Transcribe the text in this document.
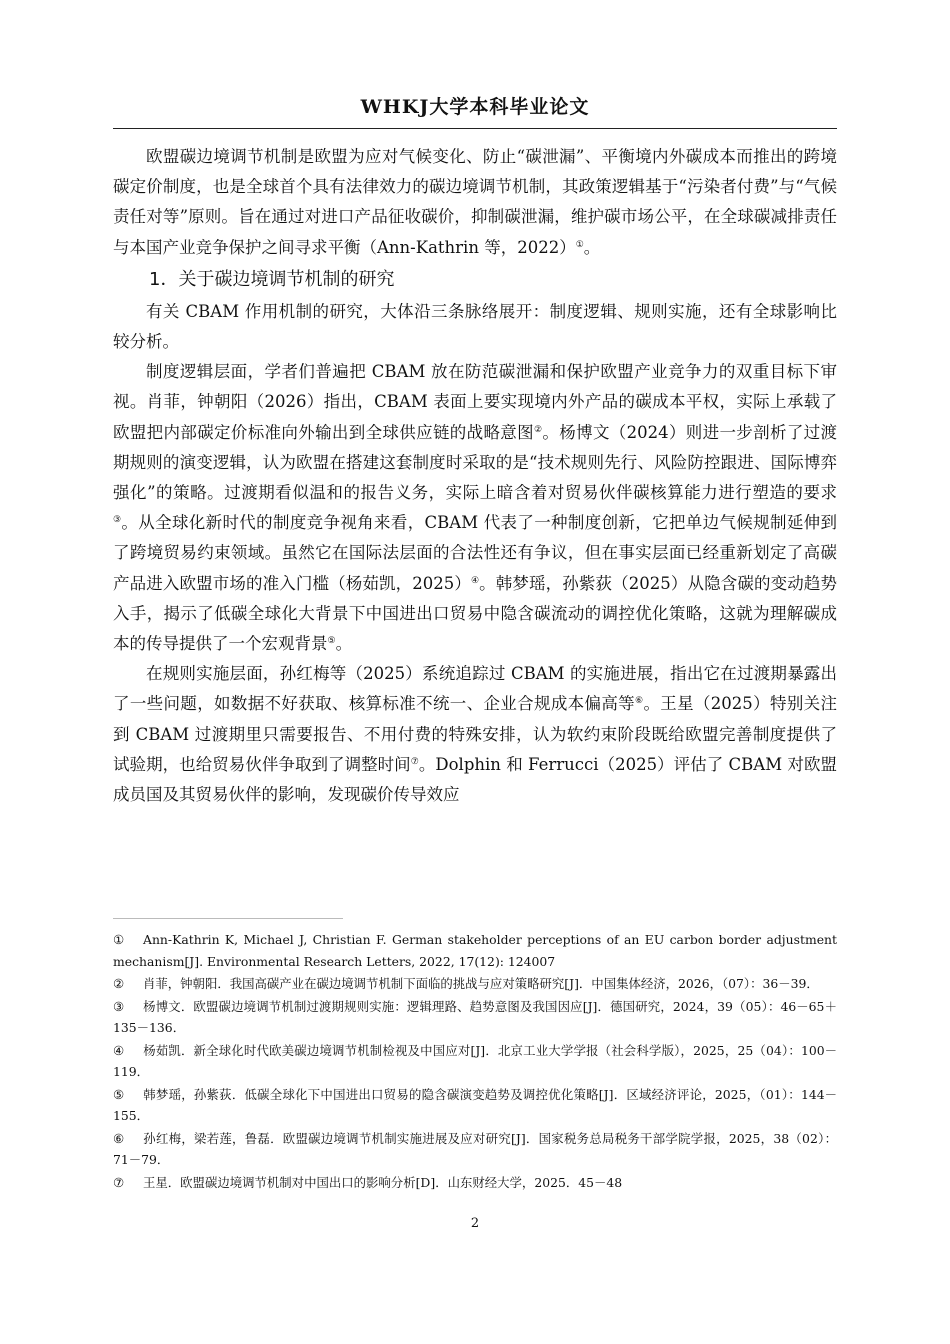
WHKJ大学本科毕业论文

欧盟碳边境调节机制是欧盟为应对气候变化、防止“碳泄漏”、平衡境内外碳成本而推出的跨境碳定价制度，也是全球首个具有法律效力的碳边境调节机制，其政策逻辑基于“污染者付费”与“气候责任对等”原则。旨在通过对进口产品征收碳价，抑制碳泄漏，维护碳市场公平，在全球碳减排责任与本国产业竞争保护之间寻求平衡（Ann-Kathrin 等，2022）①。

1．关于碳边境调节机制的研究

有关 CBAM 作用机制的研究，大体沿三条脉络展开：制度逻辑、规则实施，还有全球影响比较分析。

制度逻辑层面，学者们普遍把 CBAM 放在防范碳泄漏和保护欧盟产业竞争力的双重目标下审视。肖菲，钟朝阳（2026）指出，CBAM 表面上要实现境内外产品的碳成本平权，实际上承载了欧盟把内部碳定价标准向外输出到全球供应链的战略意图②。杨博文（2024）则进一步剖析了过渡期规则的演变逻辑，认为欧盟在搭建这套制度时采取的是“技术规则先行、风险防控跟进、国际博弈强化”的策略。过渡期看似温和的报告义务，实际上暗含着对贸易伙伴碳核算能力进行塑造的要求③。从全球化新时代的制度竞争视角来看，CBAM 代表了一种制度创新，它把单边气候规制延伸到了跨境贸易约束领域。虽然它在国际法层面的合法性还有争议，但在事实层面已经重新划定了高碳产品进入欧盟市场的准入门槛（杨茹凯，2025）④。韩梦瑶，孙紫荻（2025）从隐含碳的变动趋势入手，揭示了低碳全球化大背景下中国进出口贸易中隐含碳流动的调控优化策略，这就为理解碳成本的传导提供了一个宏观背景⑤。

在规则实施层面，孙红梅等（2025）系统追踪过 CBAM 的实施进展，指出它在过渡期暴露出了一些问题，如数据不好获取、核算标准不统一、企业合规成本偏高等⑥。王星（2025）特别关注到 CBAM 过渡期里只需要报告、不用付费的特殊安排，认为软约束阶段既给欧盟完善制度提供了试验期，也给贸易伙伴争取到了调整时间⑦。Dolphin 和 Ferrucci（2025）评估了 CBAM 对欧盟成员国及其贸易伙伴的影响，发现碳价传导效应

① Ann-Kathrin K, Michael J, Christian F. German stakeholder perceptions of an EU carbon border adjustment mechanism[J]. Environmental Research Letters, 2022, 17(12): 124007
② 肖菲，钟朝阳．我国高碳产业在碳边境调节机制下面临的挑战与应对策略研究[J]．中国集体经济，2026，（07）：36－39．
③ 杨博文．欧盟碳边境调节机制过渡期规则实施：逻辑理路、趋势意图及我国因应[J]．德国研究，2024，39（05）：46－65＋135－136．
④ 杨茹凯．新全球化时代欧美碳边境调节机制检视及中国应对[J]．北京工业大学学报（社会科学版），2025，25（04）：100－119．
⑤ 韩梦瑶，孙紫荻．低碳全球化下中国进出口贸易的隐含碳演变趋势及调控优化策略[J]．区域经济评论，2025，（01）：144－155．
⑥ 孙红梅，梁若莲，鲁磊．欧盟碳边境调节机制实施进展及应对研究[J]．国家税务总局税务干部学院学报，2025，38（02）：71－79．
⑦ 王星．欧盟碳边境调节机制对中国出口的影响分析[D]．山东财经大学，2025．45－48
2
